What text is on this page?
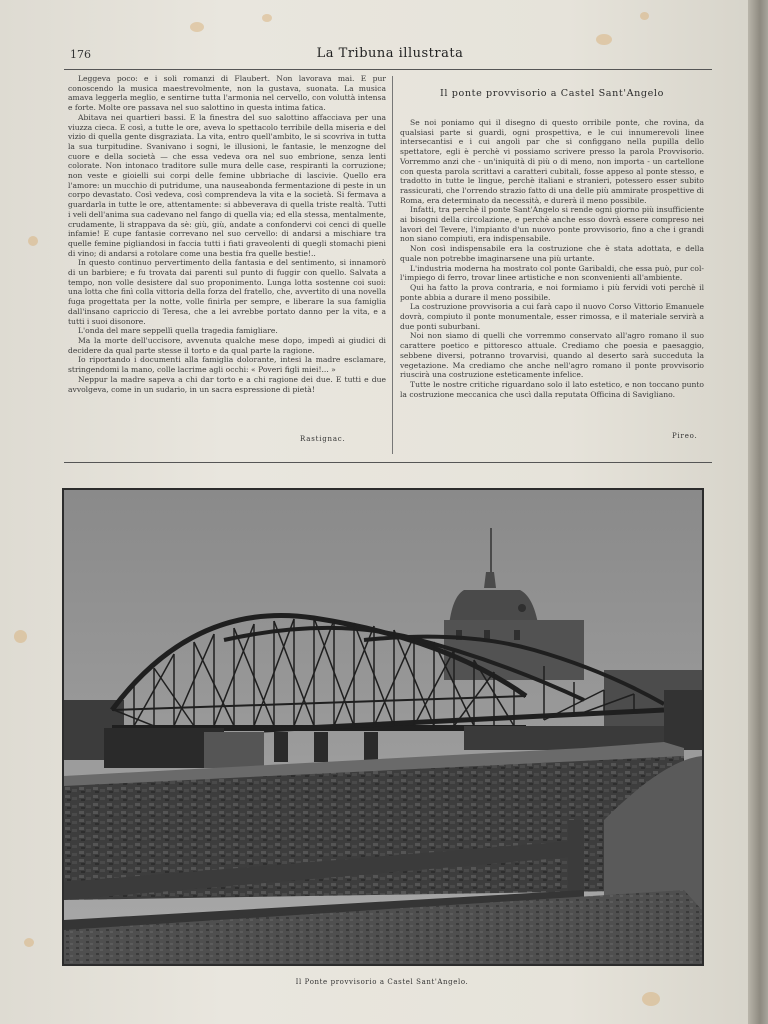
176	La Tribuna illustrata

Leggeva poco: e i soli romanzi di Flaubert. Non lavorava mai. E pur conoscendo la musica maestrevolmente, non la gustava, suonata. La musica amava leggerla meglio, e sentirne tutta l'armonia nel cervello, con voluttà intensa e forte. Molte ore passava nel suo salottino in questa intima fatica.

Abitava nei quartieri bassi. E la finestra del suo salottino affacciava per una viuzza cieca. E così, a tutte le ore, aveva lo spettacolo terribile della miseria e del vizio di quella gente disgraziata. La vita, entro quell'ambito, le si scovriva in tutta la sua turpitudine. Svanivano i sogni, le illusioni, le fantasie, le menzogne del cuore e della società — che essa vedeva ora nel suo embrione, senza lenti colorate. Non intonaco traditore sulle mura delle case, respiranti la corruzione; non veste e gioielli sui corpi delle femine ubbriache di lascivie. Quello era l'amore: un mucchio di putridume, una nauseabonda fermentazione di peste in un corpo devastato. Così vedeva, così comprendeva la vita e la società. Si fermava a guardarla in tutte le ore, attentamente: si abbeverava di quella triste realtà. Tutti i veli dell'anima sua cadevano nel fango di quella via; ed ella stessa, mentalmente, crudamente, li strappava da sè: giù, giù, andate a confondervi coi cenci di quelle infamie! E cupe fantasie correvano nel suo cervello: di andarsi a mischiare tra quelle femine pigliandosi in faccia tutti i fiati graveolenti di quegli stomachi pieni di vino; di andarsi a rotolare come una bestia fra quelle bestie!..

In questo continuo pervertimento della fantasia e del sentimento, si innamorò di un barbiere; e fu trovata dai parenti sul punto di fuggir con quello. Salvata a tempo, non volle desistere dal suo proponimento. Lunga lotta sostenne coi suoi: una lotta che finì colla vittoria della forza del fratello, che, avvertito di una novella fuga progettata per la notte, volle finirla per sempre, e liberare la sua famiglia dall'insano capriccio di Teresa, che a lei avrebbe portato danno per la vita, e a tutti i suoi disonore.

L'onda del mare seppellì quella tragedia famigliare.

Ma la morte dell'uccisore, avvenuta qualche mese dopo, impedì ai giudici di decidere da qual parte stesse il torto e da qual parte la ragione.

Io riportando i documenti alla famiglia dolorante, intesi la madre esclamare, stringendomi la mano, colle lacrime agli occhi: « Poveri figli miei!... »

Neppur la madre sapeva a chi dar torto e a chi ragione dei due. E tutti e due avvolgeva, come in un sudario, in un sacra espressione di pietà!

Rastignac.
Il ponte provvisorio a Castel Sant'Angelo

Se noi poniamo qui il disegno di questo orribile ponte, che rovina, da qualsiasi parte si guardi, ogni prospettiva, e le cui innumerevoli linee intersecantisi e i cui angoli par che si configgano nella pupilla dello spettatore, egli è perchè vi possiamo scrivere presso la parola Provvisorio. Vorremmo anzi che - un'iniquità di più o di meno, non importa - un cartellone con questa parola scrittavi a caratteri cubitali, fosse appeso al ponte stesso, e tradotto in tutte le lingue, perchè italiani e stranieri, potessero esser subito rassicurati, che l'orrendo strazio fatto di una delle più ammirate prospettive di Roma, era determinato da necessità, e durerà il meno possibile.

Infatti, tra perchè il ponte Sant'Angelo si rende ogni giorno più insufficiente ai bisogni della circolazione, e perchè anche esso dovrà essere compreso nei lavori del Tevere, l'impianto d'un nuovo ponte provvisorio, fino a che i grandi non siano compiuti, era indispensabile.

Non così indispensabile era la costruzione che è stata adottata, e della quale non potrebbe imaginarsene una più urtante.

L'industria moderna ha mostrato col ponte Garibaldi, che essa può, pur col-l'impiego di ferro, trovar linee artistiche e non sconvenienti all'ambiente.

Qui ha fatto la prova contraria, e noi formiamo i più fervidi voti perchè il ponte abbia a durare il meno possibile.

La costruzione provvisoria a cui farà capo il nuovo Corso Vittorio Emanuele dovrà, compiuto il ponte monumentale, esser rimossa, e il materiale servirà a due ponti suburbani.

Noi non siamo di quelli che vorremmo conservato all'agro romano il suo carattere poetico e pittoresco attuale. Crediamo che poesia e paesaggio, sebbene diversi, potranno trovarvisi, quando al deserto sarà succeduta la vegetazione. Ma crediamo che anche nell'agro romano il ponte provvisorio riuscirà una costruzione esteticamente infelice.

Tutte le nostre critiche riguardano solo il lato estetico, e non toccano punto la costruzione meccanica che uscì dalla reputata Officina di Savigliano.

Pireo.
Il Ponte provvisorio a Castel Sant'Angelo.
